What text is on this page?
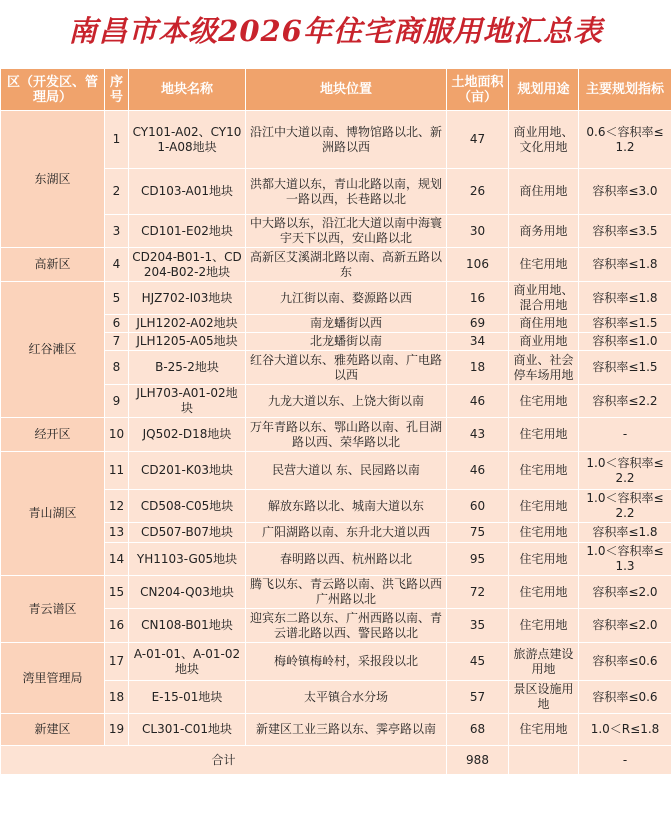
南昌市本级2026年住宅商服用地汇总表
区（开发区、管理局）	序号	地块名称	地块位置	土地面积（亩）	规划用途	主要规划指标
东湖区	1	CY101-A02、CY101-A08地块	沿江中大道以南、博物馆路以北、新洲路以西	47	商业用地、文化用地	0.6＜容积率≤1.2
	2	CD103-A01地块	洪都大道以东，青山北路以南，规划一路以西，长巷路以北	26	商住用地	容积率≤3.0
	3	CD101-E02地块	中大路以东，沿江北大道以南中海寰宇天下以西，安山路以北	30	商务用地	容积率≤3.5
高新区	4	CD204-B01-1、CD204-B02-2地块	高新区艾溪湖北路以南、高新五路以东	106	住宅用地	容积率≤1.8
红谷滩区	5	HJZ702-I03地块	九江街以南、婺源路以西	16	商业用地、混合用地	容积率≤1.8
	6	JLH1202-A02地块	南龙蟠街以西	69	商住用地	容积率≤1.5
	7	JLH1205-A05地块	北龙蟠街以南	34	商业用地	容积率≤1.0
	8	B-25-2地块	红谷大道以东、雅苑路以南、广电路以西	18	商业、社会停车场用地	容积率≤1.5
	9	JLH703-A01-02地块	九龙大道以东、上饶大街以南	46	住宅用地	容积率≤2.2
经开区	10	JQ502-D18地块	万年青路以东、鄂山路以南、孔目湖路以西、荣华路以北	43	住宅用地	-
青山湖区	11	CD201-K03地块	民营大道以 东、民园路以南	46	住宅用地	1.0＜容积率≤2.2
	12	CD508-C05地块	解放东路以北、城南大道以东	60	住宅用地	1.0＜容积率≤2.2
	13	CD507-B07地块	广阳湖路以南、东升北大道以西	75	住宅用地	容积率≤1.8
	14	YH1103-G05地块	春明路以西、杭州路以北	95	住宅用地	1.0＜容积率≤1.3
青云谱区	15	CN204-Q03地块	腾飞以东、青云路以南、洪飞路以西广州路以北	72	住宅用地	容积率≤2.0
	16	CN108-B01地块	迎宾东二路以东、广州西路以南、青云谱北路以西、警民路以北	35	住宅用地	容积率≤2.0
湾里管理局	17	A-01-01、A-01-02地块	梅岭镇梅岭村，采报段以北	45	旅游点建设用地	容积率≤0.6
	18	E-15-01地块	太平镇合水分场	57	景区设施用地	容积率≤0.6
新建区	19	CL301-C01地块	新建区工业三路以东、霁亭路以南	68	住宅用地	1.0＜R≤1.8
合计				988		-
